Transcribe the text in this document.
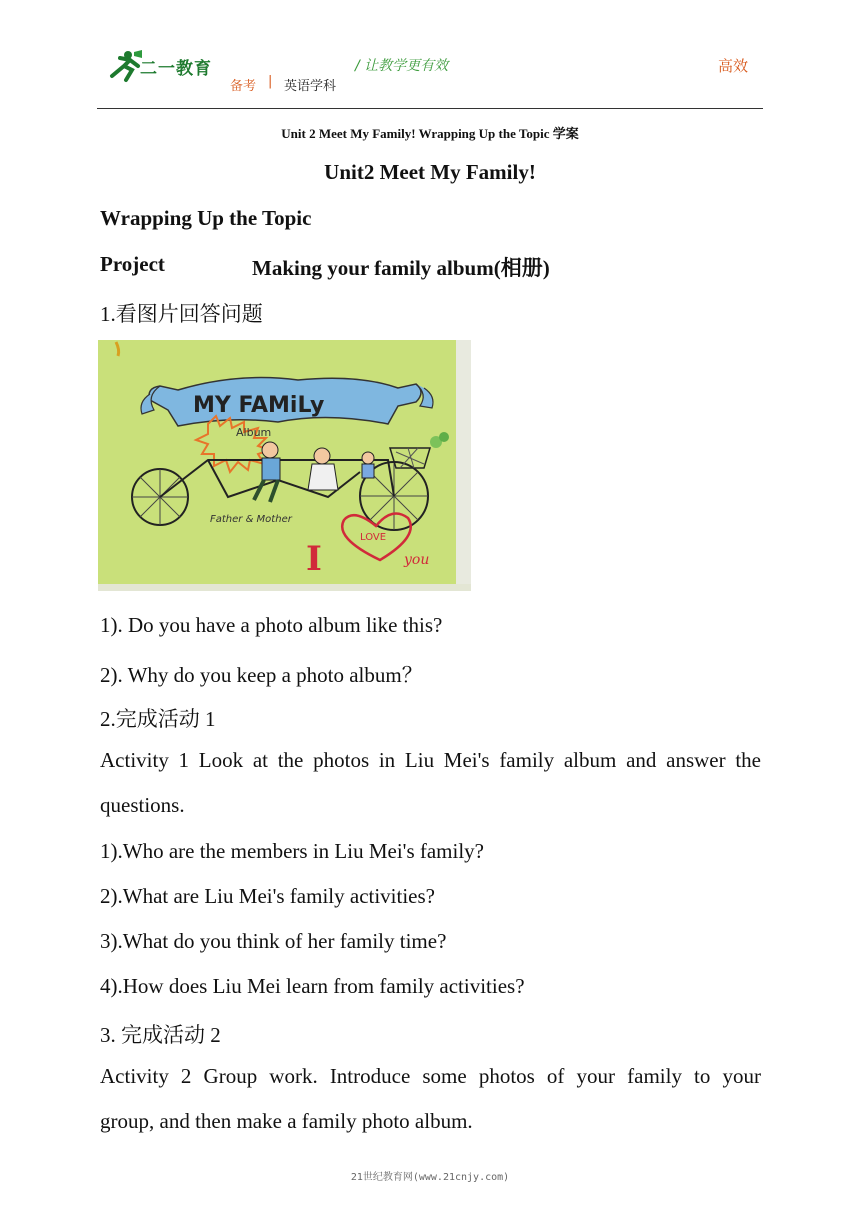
二一教育	/ 让教学更有效	高效
备考 | 英语学科
Unit 2 Meet My Family! Wrapping Up the Topic 学案
Unit2 Meet My Family!
Wrapping Up the Topic
Project	Making your family album(相册)
1.看图片回答问题
MY FAMiLy
Album
Father & Mother
I
LOVE
you
1). Do you have a photo album like this?
2). Why do you keep a photo album？
2.完成活动 1
Activity 1 Look at the photos in Liu Mei's family album and answer the
questions.
1).Who are the members in Liu Mei's family?
2).What are Liu Mei's family activities?
3).What do you think of her family time?
4).How does Liu Mei learn from family activities?
3. 完成活动 2
Activity 2 Group work. Introduce some photos of your family to your
group, and then make a family photo album.
21世纪教育网(www.21cnjy.com)
